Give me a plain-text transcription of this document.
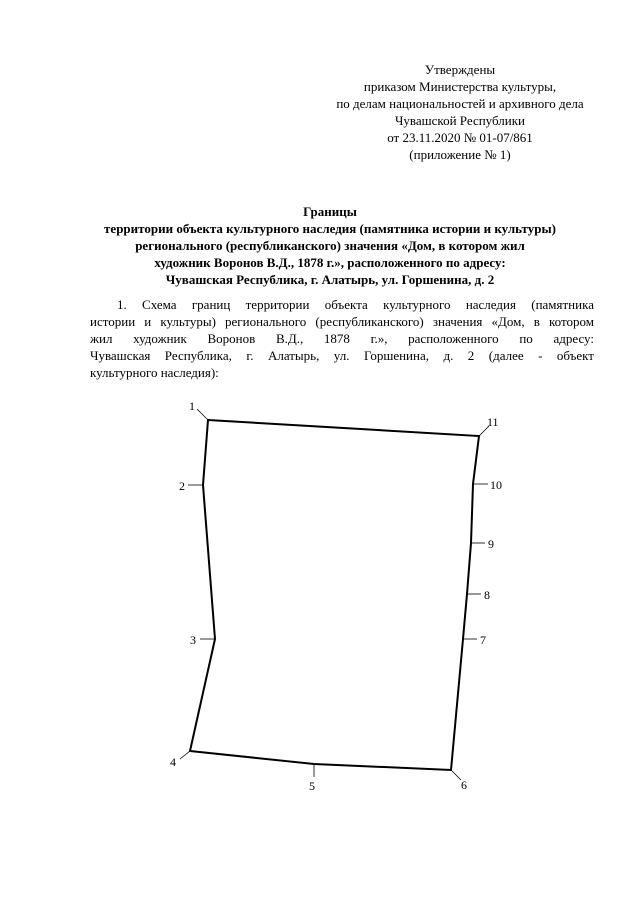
Утверждены
приказом Министерства культуры,
по делам национальностей и архивного дела
Чувашской Республики
от 23.11.2020 № 01-07/861
(приложение № 1)
Границы
территории объекта культурного наследия (памятника истории и культуры)
регионального (республиканского) значения «Дом, в котором жил
художник Воронов В.Д., 1878 г.», расположенного по адресу:
Чувашская Республика, г. Алатырь, ул. Горшенина, д. 2
1. Схема границ территории объекта культурного наследия (памятника
истории и культуры) регионального (республиканского) значения «Дом, в котором
жил художник Воронов В.Д., 1878 г.», расположенного по адресу:
Чувашская Республика, г. Алатырь, ул. Горшенина, д. 2 (далее - объект
культурного наследия):
1
2
3
4
5	6
7
8
9
10
11
